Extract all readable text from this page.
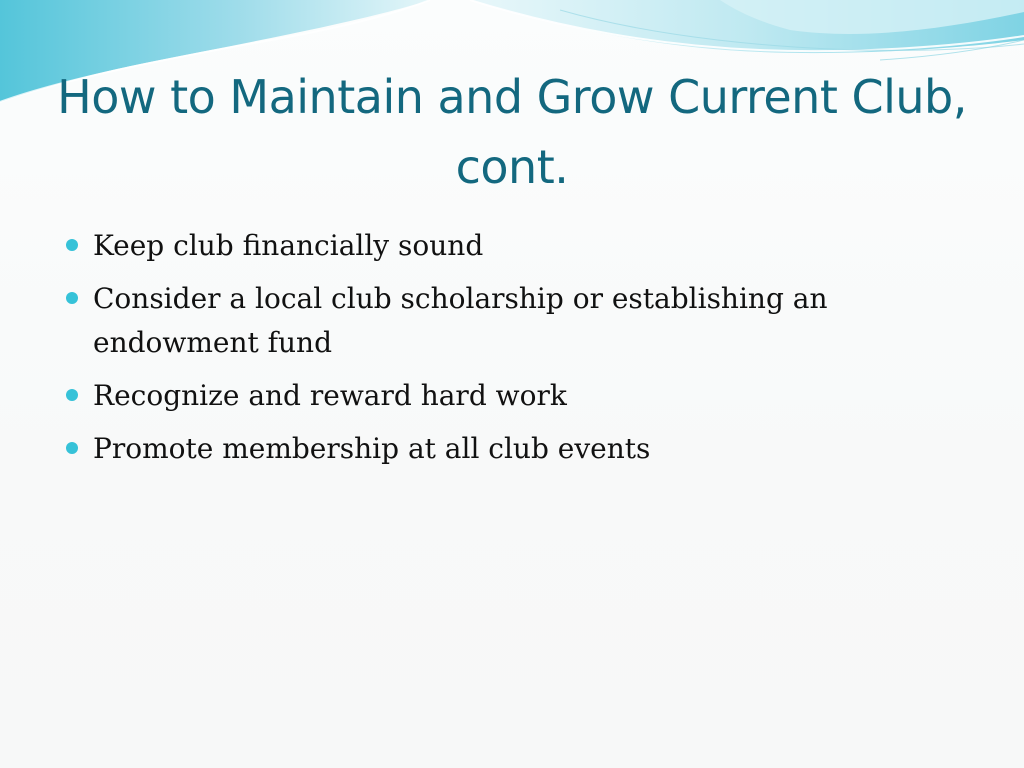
How to Maintain and Grow Current Club, cont.
Keep club financially sound
Consider a local club scholarship or establishing an endowment fund
Recognize and reward hard work
Promote membership at all club events
